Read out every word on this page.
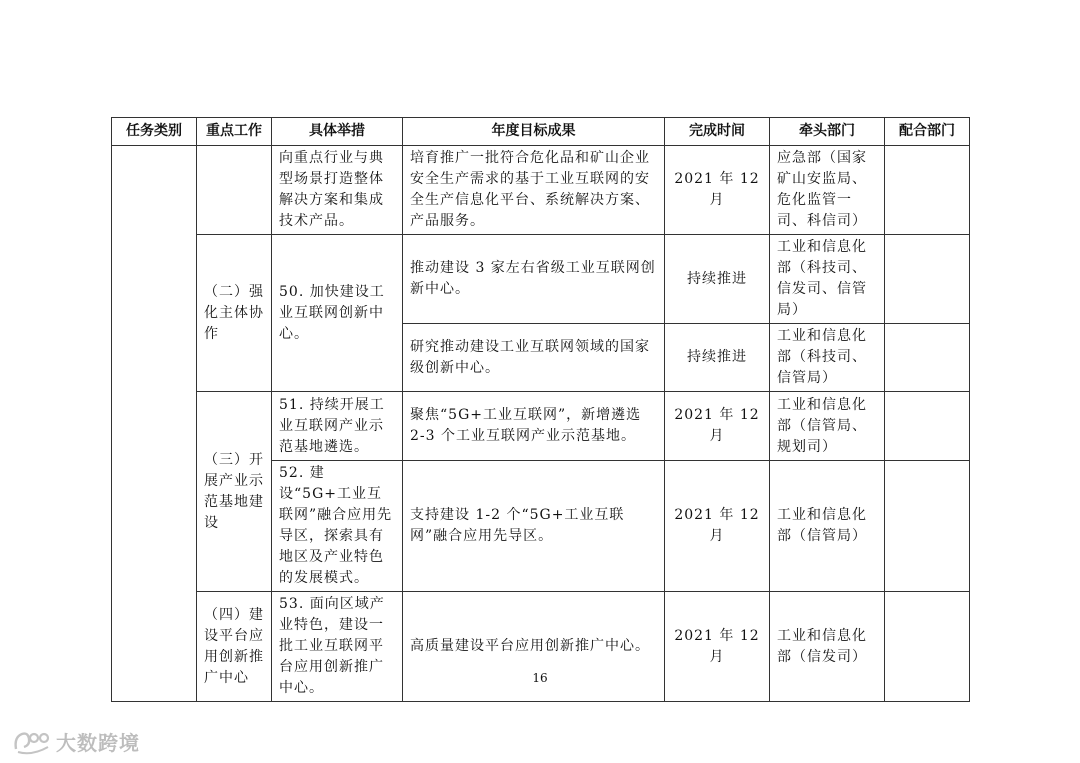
任务类别	重点工作	具体举措	年度目标成果	完成时间	牵头部门	配合部门
		向重点行业与典型场景打造整体解决方案和集成技术产品。	培育推广一批符合危化品和矿山企业安全生产需求的基于工业互联网的安全生产信息化平台、系统解决方案、产品服务。	2021 年 12 月	应急部（国家矿山安监局、危化监管一司、科信司）	
	（二）强化主体协作	50. 加快建设工业互联网创新中心。	推动建设 3 家左右省级工业互联网创新中心。	持续推进	工业和信息化部（科技司、信发司、信管局）	
			研究推动建设工业互联网领域的国家级创新中心。	持续推进	工业和信息化部（科技司、信管局）	
	（三）开展产业示范基地建设	51. 持续开展工业互联网产业示范基地遴选。	聚焦“5G+工业互联网”，新增遴选 2-3 个工业互联网产业示范基地。	2021 年 12 月	工业和信息化部（信管局、规划司）	
		52. 建设“5G+工业互联网”融合应用先导区，探索具有地区及产业特色的发展模式。	支持建设 1-2 个“5G+工业互联网”融合应用先导区。	2021 年 12 月	工业和信息化部（信管局）	
	（四）建设平台应用创新推广中心	53. 面向区域产业特色，建设一批工业互联网平台应用创新推广中心。	高质量建设平台应用创新推广中心。	2021 年 12 月	工业和信息化部（信发司）	
16
大数跨境
